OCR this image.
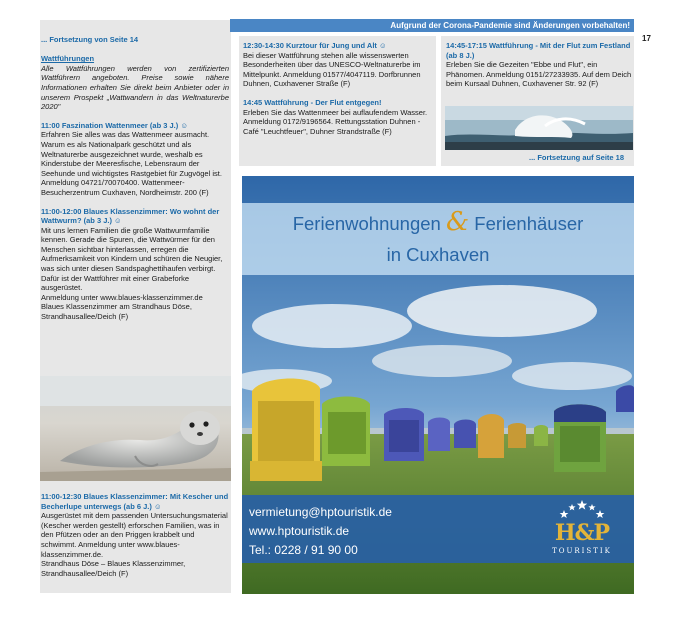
Aufgrund der Corona-Pandemie sind Änderungen vorbehalten!
17
... Fortsetzung von Seite 14

Wattführungen
Alle Wattführungen werden von zertifizierten Wattführern angeboten. Preise sowie nähere Informationen erhalten Sie direkt beim Anbieter oder in unserem Prospekt „Wattwandern in das Weltnaturerbe 2020"
11:00 Faszination Wattenmeer (ab 3 J.) ☺
Erfahren Sie alles was das Wattenmeer ausmacht. Warum es als Nationalpark geschützt und als Weltnaturerbe ausgezeichnet wurde, weshalb es Kinderstube der Meeresfische, Lebensraum der Seehunde und wichtigstes Rastgebiet für Zugvögel ist. Anmeldung 04721/70070400. Wattenmeer-Besucherzentrum Cuxhaven, Nordheimstr. 200 (F)
11:00-12:00 Blaues Klassenzimmer: Wo wohnt der Wattwurm? (ab 3 J.) ☺
Mit uns lernen Familien die große Wattwurmfamilie kennen. Gerade die Spuren, die Wattwürmer für den Menschen sichtbar hinterlassen, erregen die Aufmerksamkeit von Kindern und schüren die Neugier, was sich unter diesen Sandspaghettihaufen verbirgt.
Dafür ist der Wattführer mit einer Grabeforke ausgerüstet.
Anmeldung unter www.blaues-klassenzimmer.de
Blaues Klassenzimmer am Strandhaus Döse, Strandhausallee/Deich (F)
11:00-12:30 Blaues Klassenzimmer: Mit Kescher und Becherlupe unterwegs (ab 6 J.) ☺
Ausgerüstet mit dem passenden Untersuchungsmaterial (Kescher werden gestellt) erforschen Familien, was in den Pfützen oder an den Priggen krabbelt und schwimmt. Anmeldung unter www.blaues-klassenzimmer.de.
Strandhaus Döse – Blaues Klassenzimmer, Strandhausallee/Deich (F)
12:30-14:30 Kurztour für Jung und Alt ☺
Bei dieser Wattführung stehen alle wissenswerten Besonderheiten über das UNESCO-Weltnaturerbe im Mittelpunkt. Anmeldung 01577/4047119. Dorfbrunnen Duhnen, Cuxhavener Straße (F)
14:45 Wattführung - Der Flut entgegen!
Erleben Sie das Wattenmeer bei auflaufendem Wasser. Anmeldung 0172/9196564. Rettungsstation Duhnen - Café "Leuchtfeuer", Duhner Strandstraße (F)
14:45-17:15 Wattführung - Mit der Flut zum Festland (ab 8 J.)
Erleben Sie die Gezeiten "Ebbe und Flut", ein Phänomen. Anmeldung 0151/27233935. Auf dem Deich beim Kursaal Duhnen, Cuxhavener Str. 92 (F)
... Fortsetzung auf Seite 18
Ferienwohnungen & Ferienhäuser
in Cuxhaven
vermietung@hptouristik.de
www.hptouristik.de
Tel.: 0228 / 91 90 00
H&P
TOURISTIK
